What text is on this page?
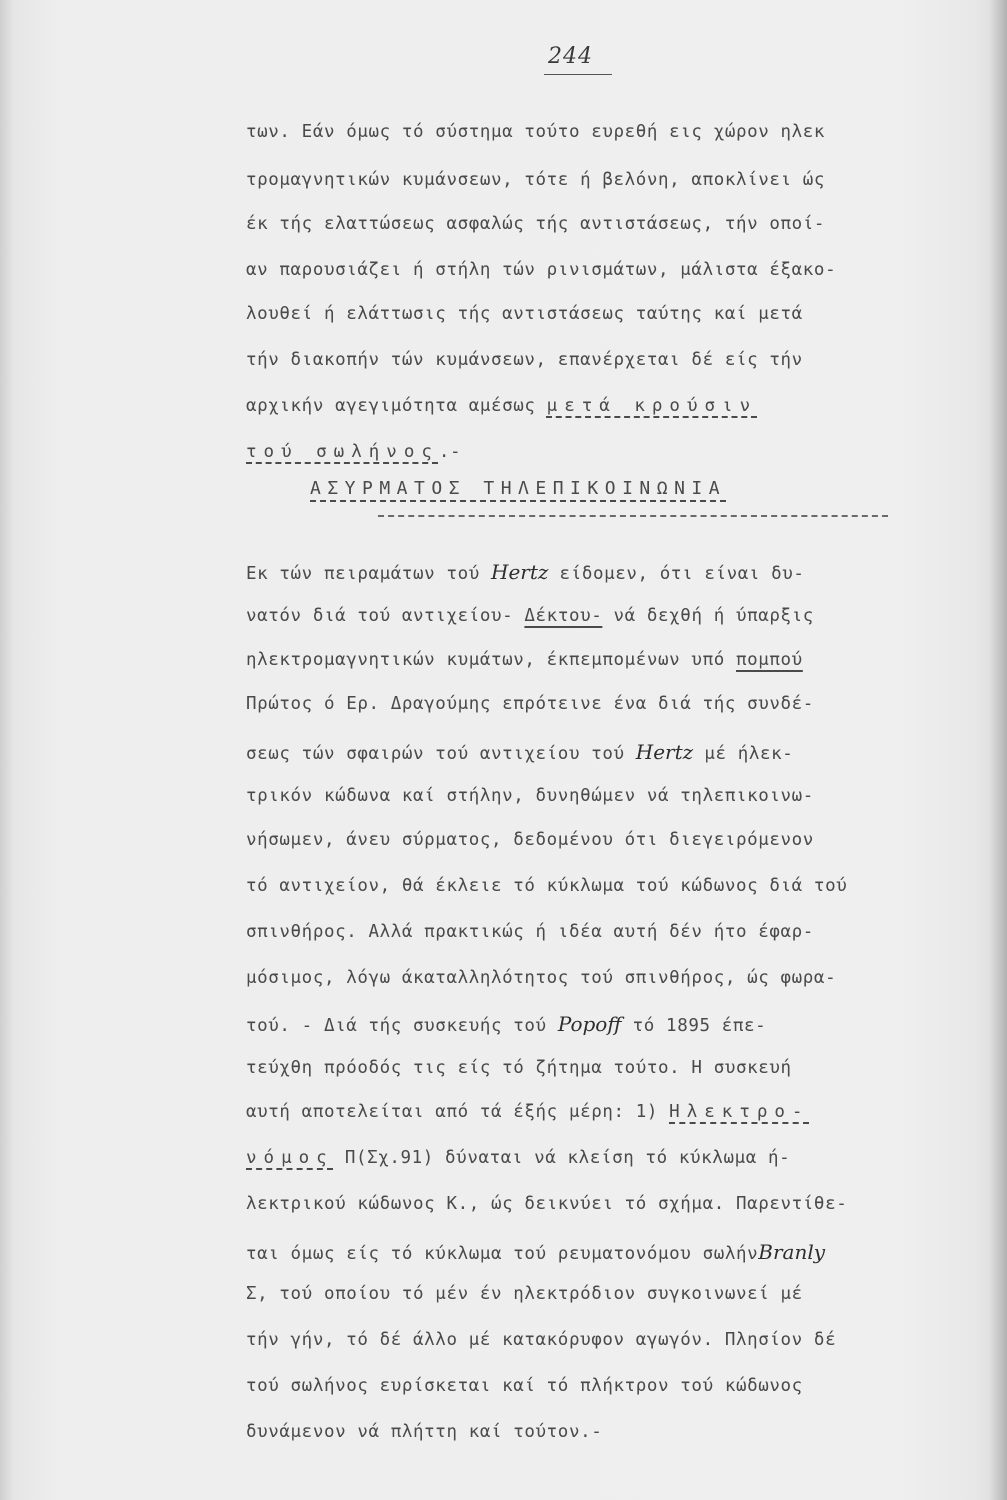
244
των. Εάν όμως τό σύστημα τούτο ευρεθή εις χώρον ηλεκ
τρομαγνητικών κυμάνσεων, τότε ή βελόνη, αποκλίνει ώς
έκ τής ελαττώσεως ασφαλώς τής αντιστάσεως, τήν οποί-
αν παρουσιάζει ή στήλη τών ρινισμάτων, μάλιστα έξακο-
λουθεί ή ελάττωσις τής αντιστάσεως ταύτης καί μετά
τήν διακοπήν τών κυμάνσεων, επανέρχεται δέ είς τήν
αρχικήν αγεγιμότητα αμέσως μετά κρούσιν
τού σωλήνος.-
ΑΣΥΡΜΑΤΟΣ ΤΗΛΕΠΙΚΟΙΝΩΝΙΑ
Εκ τών πειραμάτων τού Hertz είδομεν, ότι είναι δυ-
νατόν διά τού αντιχείου- Δέκτου- νά δεχθή ή ύπαρξις
ηλεκτρομαγνητικών κυμάτων, έκπεμπομένων υπό πομπού
Πρώτος ό Ερ. Δραγούμης επρότεινε ένα διά τής συνδέ-
σεως τών σφαιρών τού αντιχείου τού Hertz μέ ήλεκ-
τρικόν κώδωνα καί στήλην, δυνηθώμεν νά τηλεπικοινω-
νήσωμεν, άνευ σύρματος, δεδομένου ότι διεγειρόμενον
τό αντιχείον, θά έκλειε τό κύκλωμα τού κώδωνος διά τού
σπινθήρος. Αλλά πρακτικώς ή ιδέα αυτή δέν ήτο έφαρ-
μόσιμος, λόγω άκαταλληλότητος τού σπινθήρος, ώς φωρα-
τού. - Διά τής συσκευής τού Popoff τό 1895 έπε-
τεύχθη πρόοδός τις είς τό ζήτημα τούτο. Η συσκευή
αυτή αποτελείται από τά έξής μέρη: 1) Ηλεκτρο-
νόμος Π(Σχ.91) δύναται νά κλείση τό κύκλωμα ή-
λεκτρικού κώδωνος Κ., ώς δεικνύει τό σχήμα. Παρεντίθε-
ται όμως είς τό κύκλωμα τού ρευματονόμου σωλήνBranly
Σ, τού οποίου τό μέν έν ηλεκτρόδιον συγκοινωνεί μέ
τήν γήν, τό δέ άλλο μέ κατακόρυφον αγωγόν. Πλησίον δέ
τού σωλήνος ευρίσκεται καί τό πλήκτρον τού κώδωνος
δυνάμενον νά πλήττη καί τούτον.-
